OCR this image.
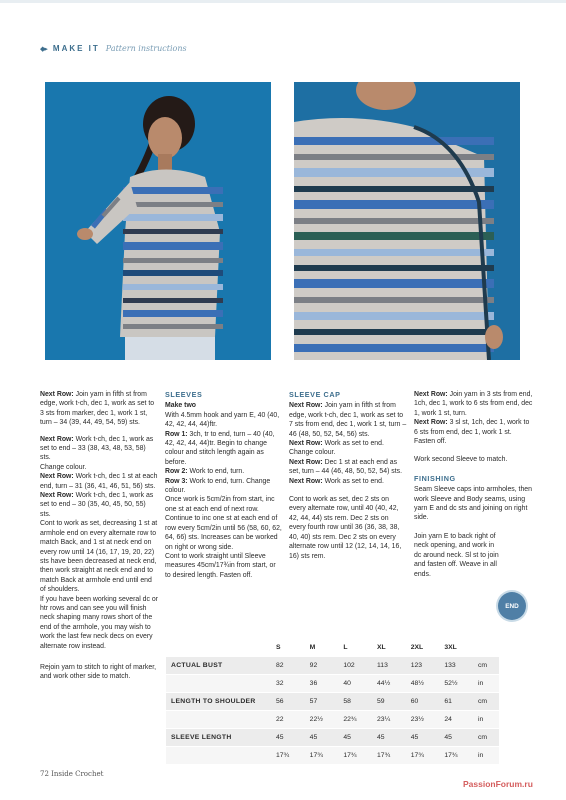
◆▸ MAKE IT Pattern instructions

Next Row: Join yarn in fifth st from edge, work t-ch, dec 1, work as set to 3 sts from marker, dec 1, work 1 st, turn – 34 (39, 44, 49, 54, 59) sts.

Next Row: Work t-ch, dec 1, work as set to end – 33 (38, 43, 48, 53, 58) sts.

Change colour.

Next Row: Work t-ch, dec 1 st at each end, turn – 31 (36, 41, 46, 51, 56) sts.

Next Row: Work t-ch, dec 1, work as set to end – 30 (35, 40, 45, 50, 55) sts.

Cont to work as set, decreasing 1 st at armhole end on every alternate row to match Back, and 1 st at neck end on every row until 14 (16, 17, 19, 20, 22) sts have been decreased at neck end, then work straight at neck end and to match Back at armhole end until end of shoulders.

If you have been working several dc or htr rows and can see you will finish neck shaping many rows short of the end of the armhole, you may wish to work the last few neck decs on every alternate row instead.

Rejoin yarn to stitch to right of marker, and work other side to match.

SLEEVES
Make two

With 4.5mm hook and yarn E, 40 (40, 42, 42, 44, 44)ftr.

Row 1: 3ch, tr to end, turn – 40 (40, 42, 42, 44, 44)tr. Begin to change colour and stitch length again as before.

Row 2: Work to end, turn.

Row 3: Work to end, turn. Change colour.

Once work is 5cm/2in from start, inc one st at each end of next row. Continue to inc one st at each end of row every 5cm/2in until 56 (58, 60, 62, 64, 66) sts. Increases can be worked on right or wrong side.

Cont to work straight until Sleeve measures 45cm/17¾in from start, or to desired length. Fasten off.

SLEEVE CAP

Next Row: Join yarn in fifth st from edge, work t-ch, dec 1, work as set to 7 sts from end, dec 1, work 1 st, turn – 46 (48, 50, 52, 54, 56) sts.

Next Row: Work as set to end. Change colour.

Next Row: Dec 1 st at each end as set, turn – 44 (46, 48, 50, 52, 54) sts.

Next Row: Work as set to end.

Cont to work as set, dec 2 sts on every alternate row, until 40 (40, 42, 42, 44, 44) sts rem. Dec 2 sts on every fourth row until 36 (36, 38, 38, 40, 40) sts rem. Dec 2 sts on every alternate row until 12 (12, 14, 14, 16, 16) sts rem.

Next Row: Join yarn in 3 sts from end, 1ch, dec 1, work to 6 sts from end, dec 1, work 1 st, turn.

Next Row: 3 sl st, 1ch, dec 1, work to 6 sts from end, dec 1, work 1 st.

Fasten off.

Work second Sleeve to match.

FINISHING

Seam Sleeve caps into armholes, then work Sleeve and Body seams, using yarn E and dc sts and joining on right side.

Join yarn E to back right of neck opening, and work in dc around neck. Sl st to join and fasten off. Weave in all ends.

END
	S	M	L	XL	2XL	3XL	
ACTUAL BUST	82	92	102	113	123	133	cm
	32	36	40	44½	48½	52½	in
LENGTH TO SHOULDER	56	57	58	59	60	61	cm
	22	22½	22¾	23¼	23½	24	in
SLEEVE LENGTH	45	45	45	45	45	45	cm
	17¾	17¾	17¾	17¾	17¾	17¾	in
72 Inside Crochet
PassionForum.ru
